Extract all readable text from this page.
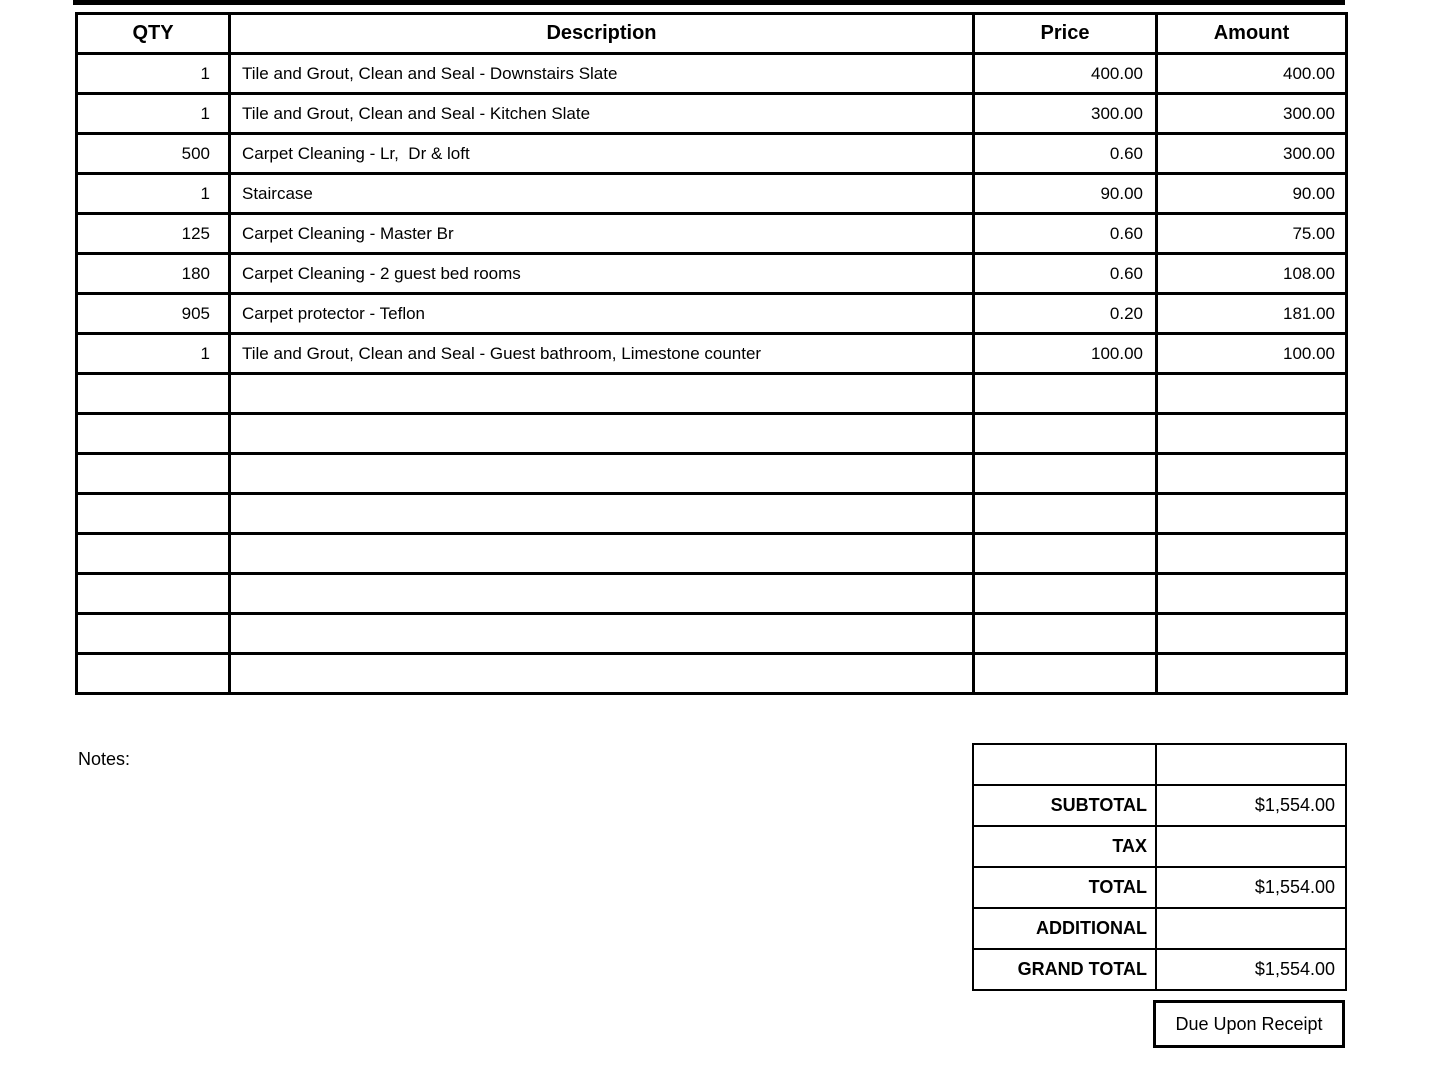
QTY	Description	Price	Amount
1	Tile and Grout, Clean and Seal - Downstairs Slate	400.00	400.00
1	Tile and Grout, Clean and Seal - Kitchen Slate	300.00	300.00
500	Carpet Cleaning - Lr,  Dr & loft	0.60	300.00
1	Staircase	90.00	90.00
125	Carpet Cleaning - Master Br	0.60	75.00
180	Carpet Cleaning - 2 guest bed rooms	0.60	108.00
905	Carpet protector - Teflon	0.20	181.00
1	Tile and Grout, Clean and Seal - Guest bathroom, Limestone counter	100.00	100.00

Notes:

SUBTOTAL	$1,554.00
TAX	
TOTAL	$1,554.00
ADDITIONAL	
GRAND TOTAL	$1,554.00
Due Upon Receipt
